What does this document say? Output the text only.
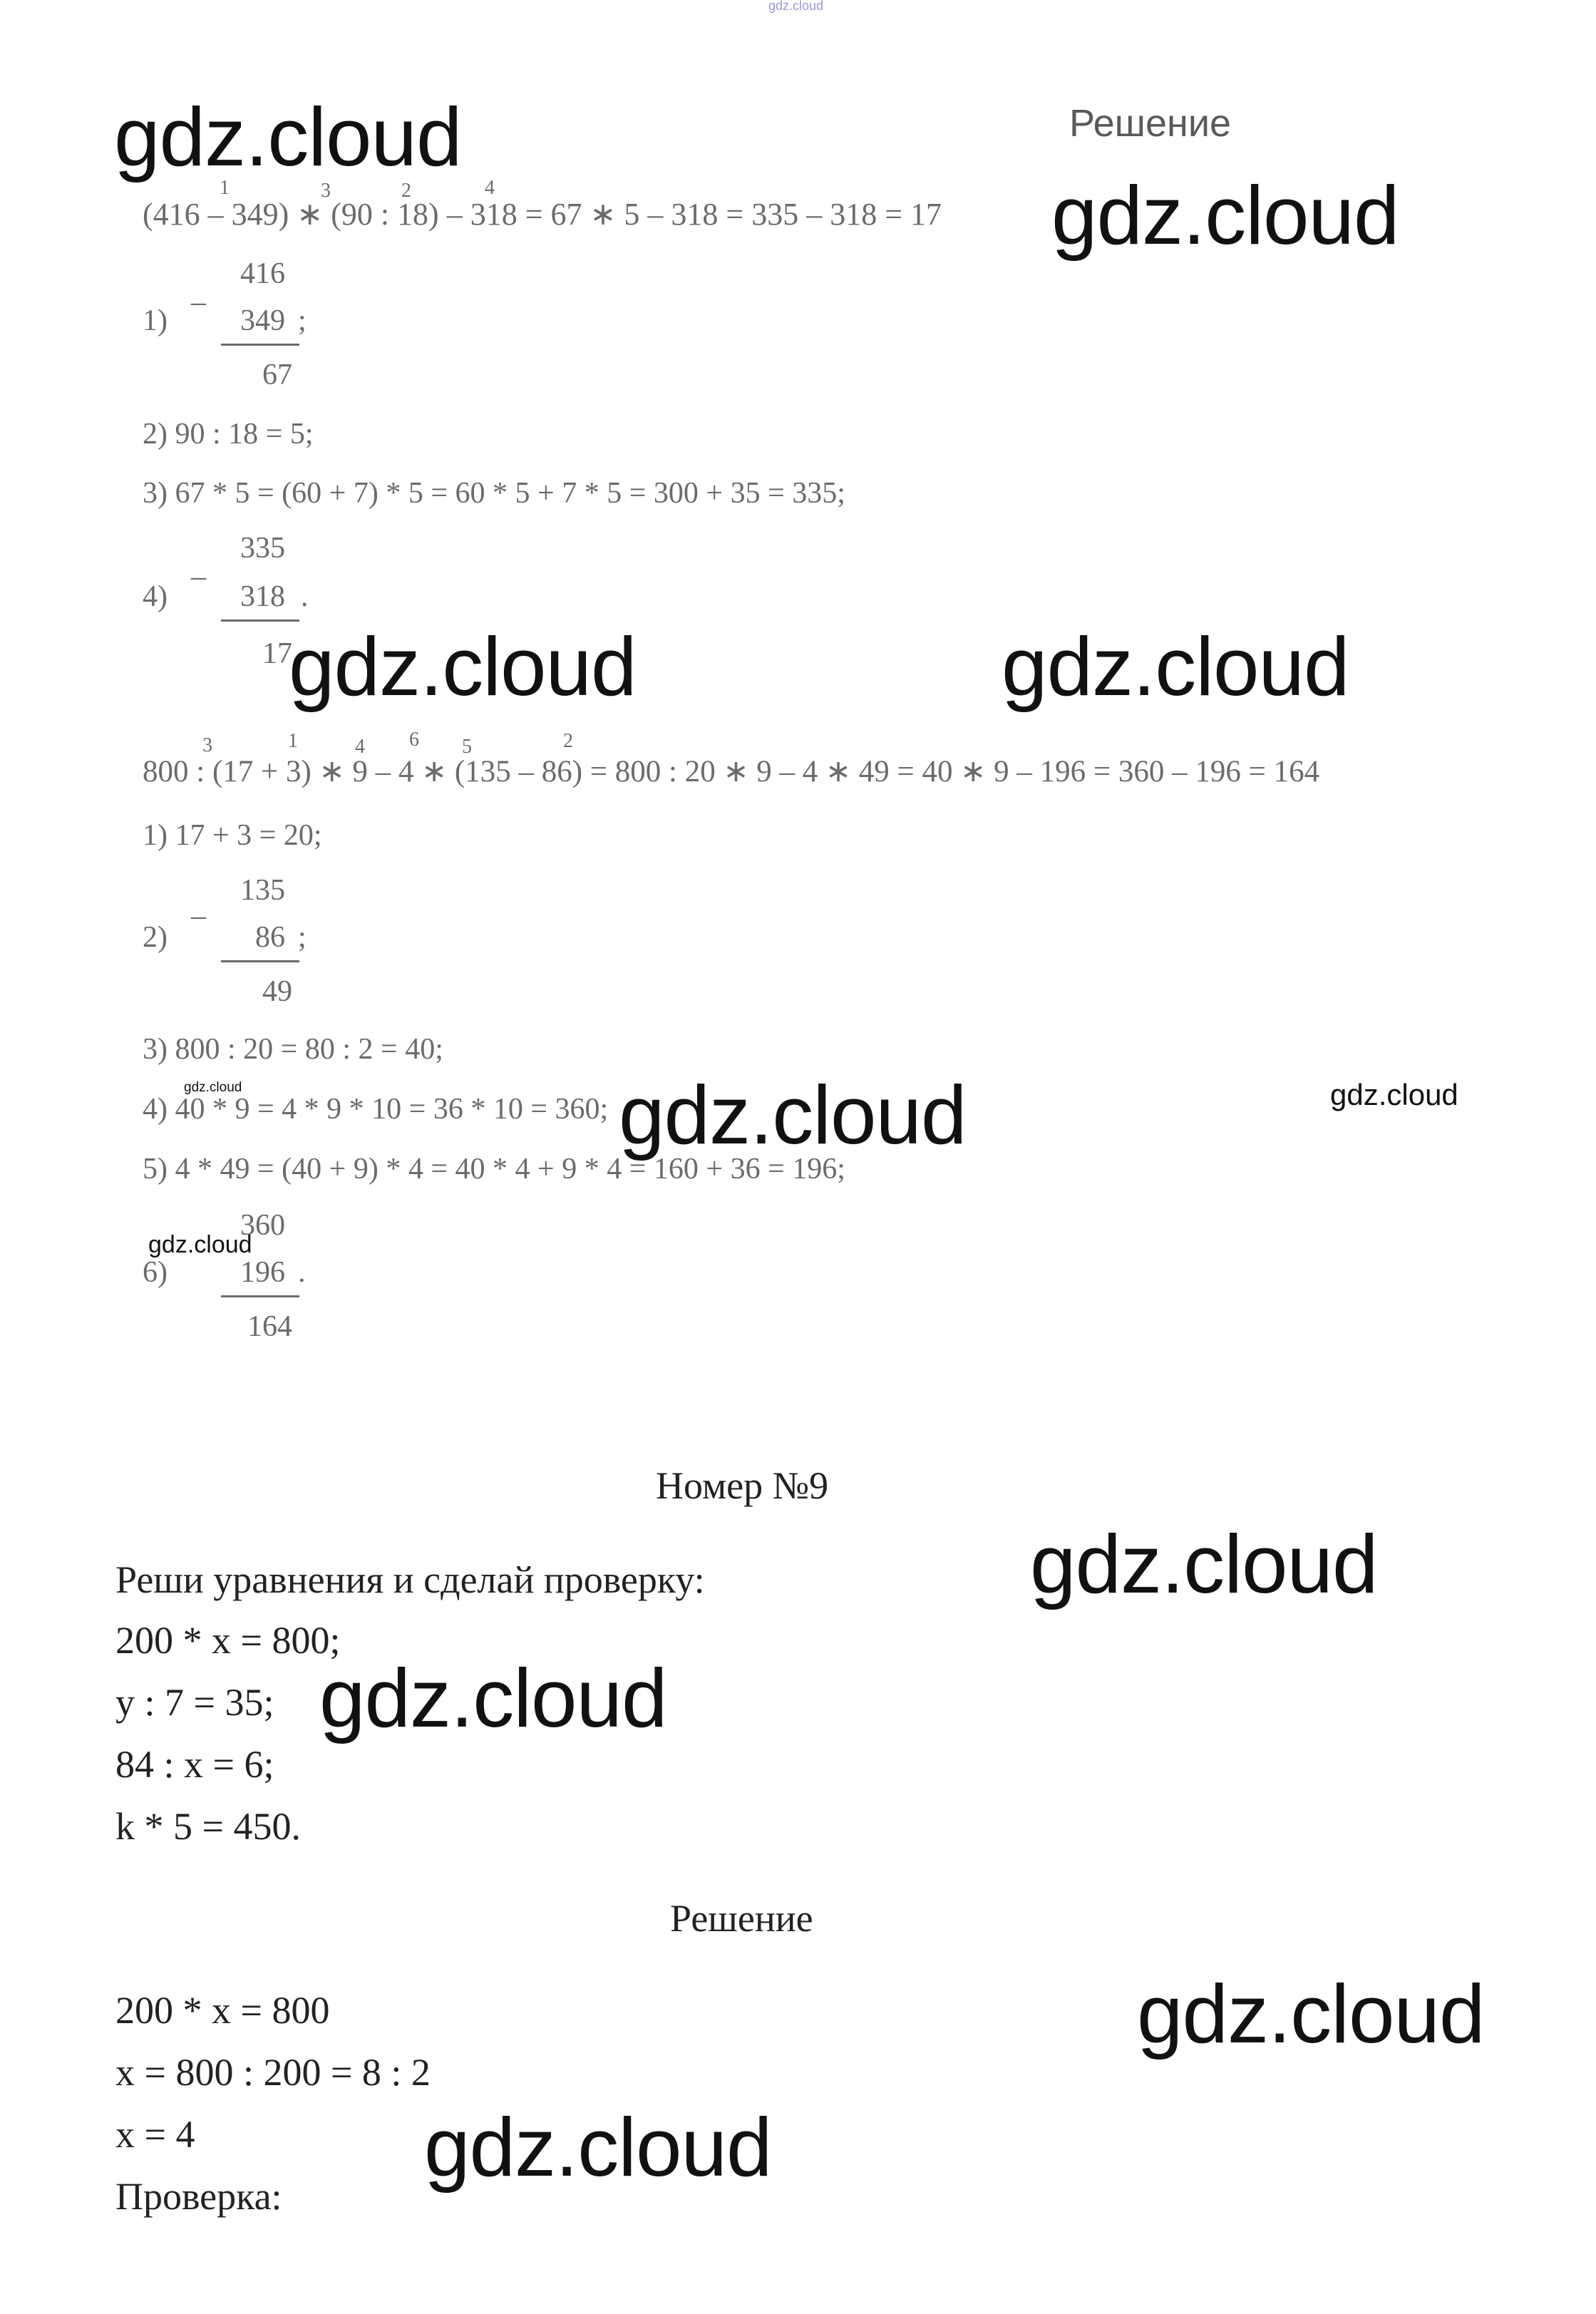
gdz.cloud
Решение
(416 – 349) ∗ (90 : 18) – 318 = 67 ∗ 5 – 318 = 335 – 318 = 17
1	3	2	4
1)
–
416
349 ;
67
2) 90 : 18 = 5;
3) 67 * 5 = (60 + 7) * 5 = 60 * 5 + 7 * 5 = 300 + 35 = 335;
4)
–
335
318 .
17
800 : (17 + 3) ∗ 9 – 4 ∗ (135 – 86) = 800 : 20 ∗ 9 – 4 ∗ 49 = 40 ∗ 9 – 196 = 360 – 196 = 164
3	1	4 6 5	2
1) 17 + 3 = 20;
2)
–
135
86 ;
49
3) 800 : 20 = 80 : 2 = 40;
4) 40 * 9 = 4 * 9 * 10 = 36 * 10 = 360;
5) 4 * 49 = (40 + 9) * 4 = 40 * 4 + 9 * 4 = 160 + 36 = 196;
6)
360
196 .
164
Номер №9
Реши уравнения и сделай проверку:
200 * x = 800;
y : 7 = 35;
84 : x = 6;
k * 5 = 450.
Решение
200 * x = 800
x = 800 : 200 = 8 : 2
x = 4
Проверка:
gdz.cloud
gdz.cloud
gdz.cloud	gdz.cloud
gdz.cloud	gdz.cloud	gdz.cloud
gdz.cloud
gdz.cloud
gdz.cloud
gdz.cloud
gdz.cloud
